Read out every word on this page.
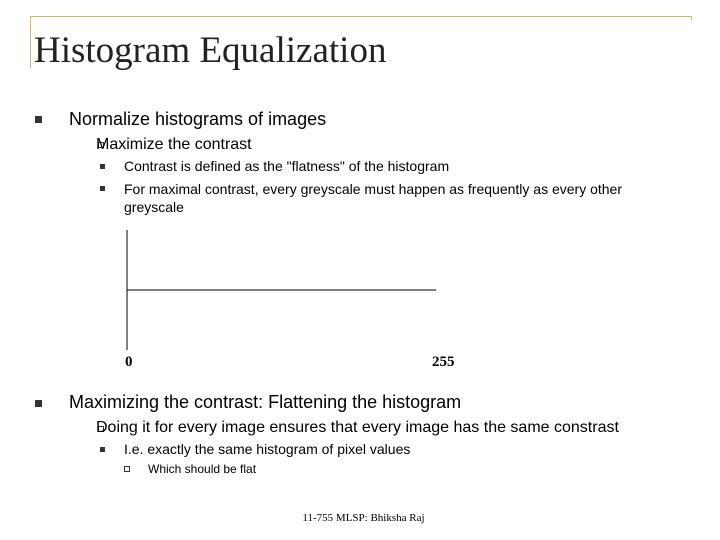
Histogram Equalization
Normalize histograms of images
Maximize the contrast
Contrast is defined as the "flatness" of the histogram
For maximal contrast, every greyscale must happen as frequently as every other greyscale
0	255
Maximizing the contrast: Flattening the histogram
Doing it for every image ensures that every image has the same constrast
I.e. exactly the same histogram of pixel values
Which should be flat
11-755 MLSP: Bhiksha Raj
